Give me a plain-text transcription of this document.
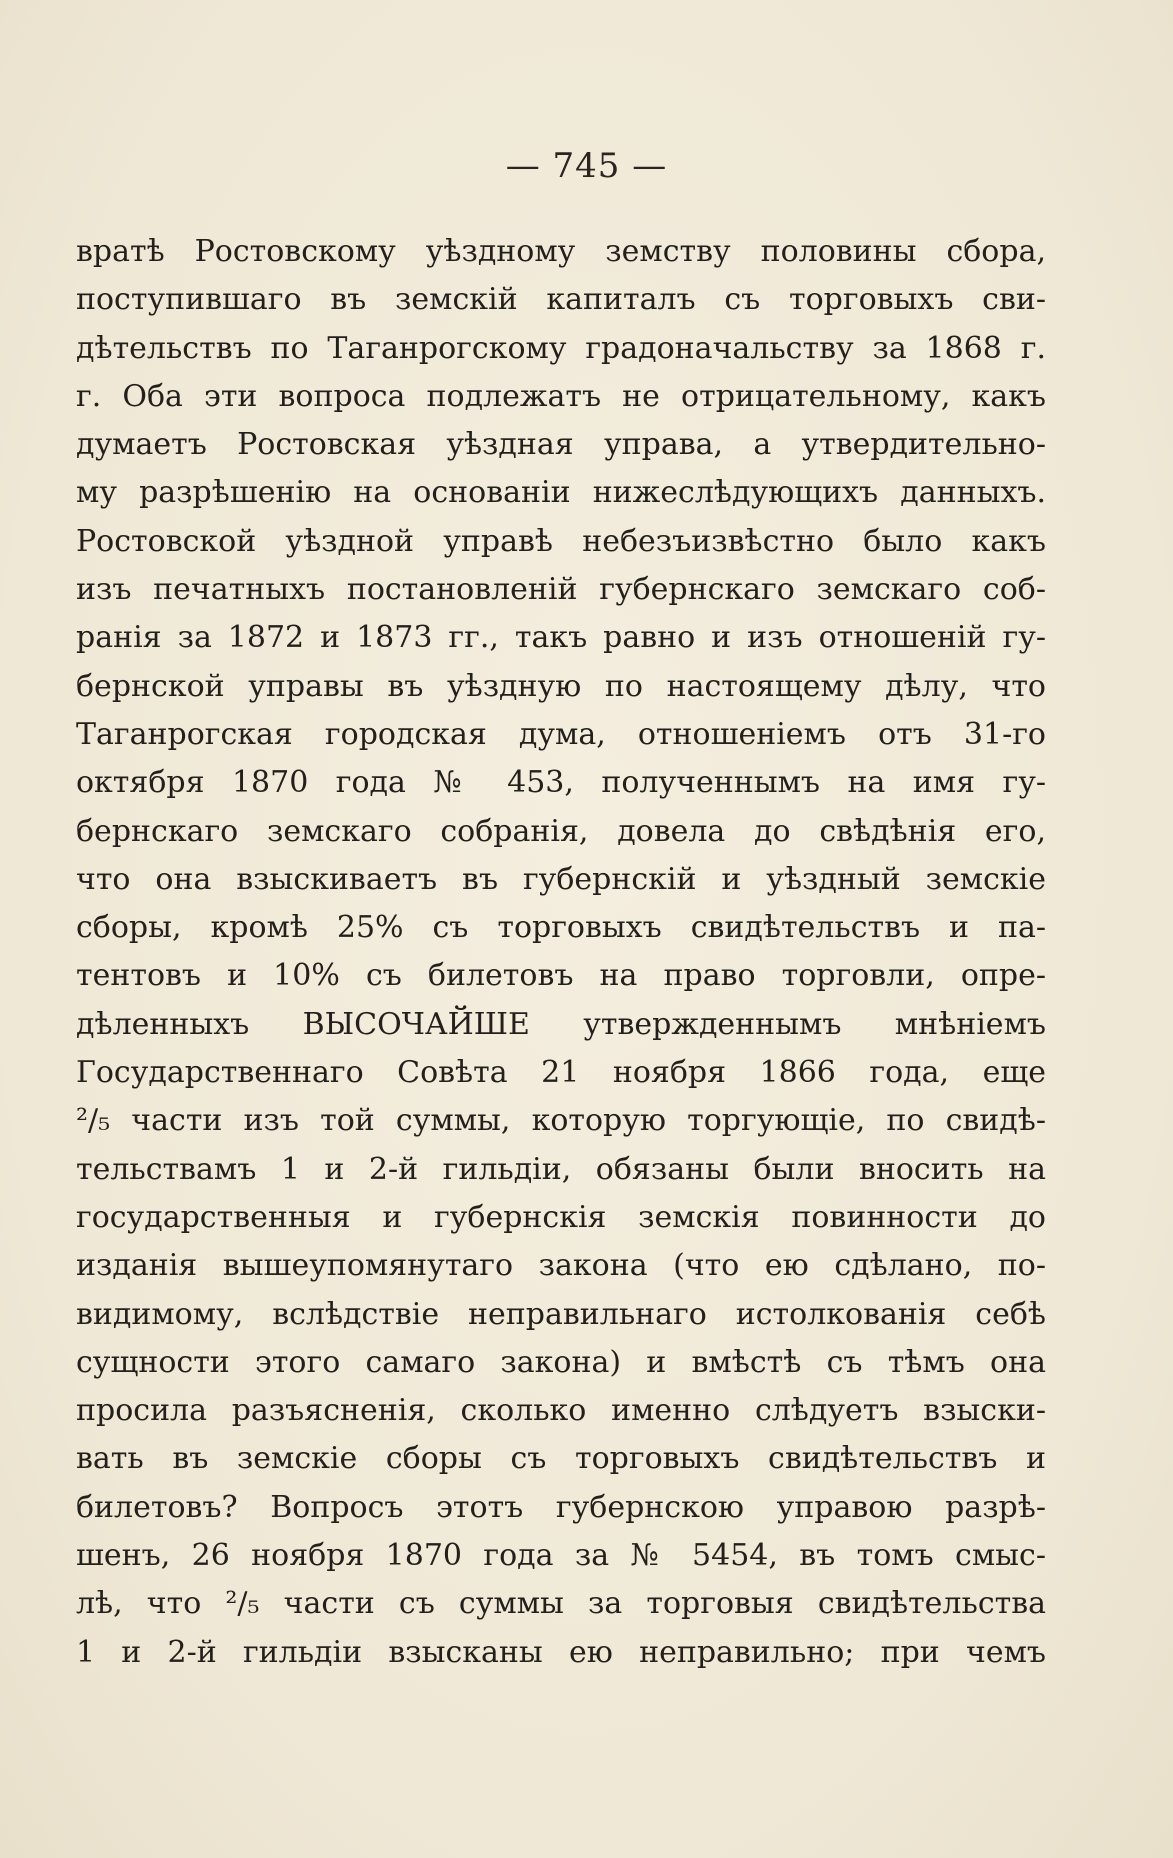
— 745 —
вратѣ Ростовскому уѣздному земству половины сбора,
поступившаго въ земскій капиталъ съ торговыхъ сви-
дѣтельствъ по Таганрогскому градоначальству за 1868 г.
г. Оба эти вопроса подлежатъ не отрицательному, какъ
думаетъ Ростовская уѣздная управа, а утвердительно-
му разрѣшенію на основаніи нижеслѣдующихъ данныхъ.
Ростовской уѣздной управѣ небезъизвѣстно было какъ
изъ печатныхъ постановленій губернскаго земскаго соб-
ранія за 1872 и 1873 гг., такъ равно и изъ отношеній гу-
бернской управы въ уѣздную по настоящему дѣлу, что
Таганрогская городская дума, отношеніемъ отъ 31-го
октября 1870 года № 453, полученнымъ на имя гу-
бернскаго земскаго собранія, довела до свѣдѣнія его,
что она взыскиваетъ въ губернскій и уѣздный земскіе
сборы, кромѣ 25% съ торговыхъ свидѣтельствъ и па-
тентовъ и 10% съ билетовъ на право торговли, опре-
дѣленныхъ ВЫСОЧАЙШЕ утвержденнымъ мнѣніемъ
Государственнаго Совѣта 21 ноября 1866 года, еще
²/₅ части изъ той суммы, которую торгующіе, по свидѣ-
тельствамъ 1 и 2-й гильдіи, обязаны были вносить на
государственныя и губернскія земскія повинности до
изданія вышеупомянутаго закона (что ею сдѣлано, по-
видимому, вслѣдствіе неправильнаго истолкованія себѣ
сущности этого самаго закона) и вмѣстѣ съ тѣмъ она
просила разъясненія, сколько именно слѣдуетъ взыски-
вать въ земскіе сборы съ торговыхъ свидѣтельствъ и
билетовъ? Вопросъ этотъ губернскою управою разрѣ-
шенъ, 26 ноября 1870 года за № 5454, въ томъ смыс-
лѣ, что ²/₅ части съ суммы за торговыя свидѣтельства
1 и 2-й гильдіи взысканы ею неправильно; при чемъ
